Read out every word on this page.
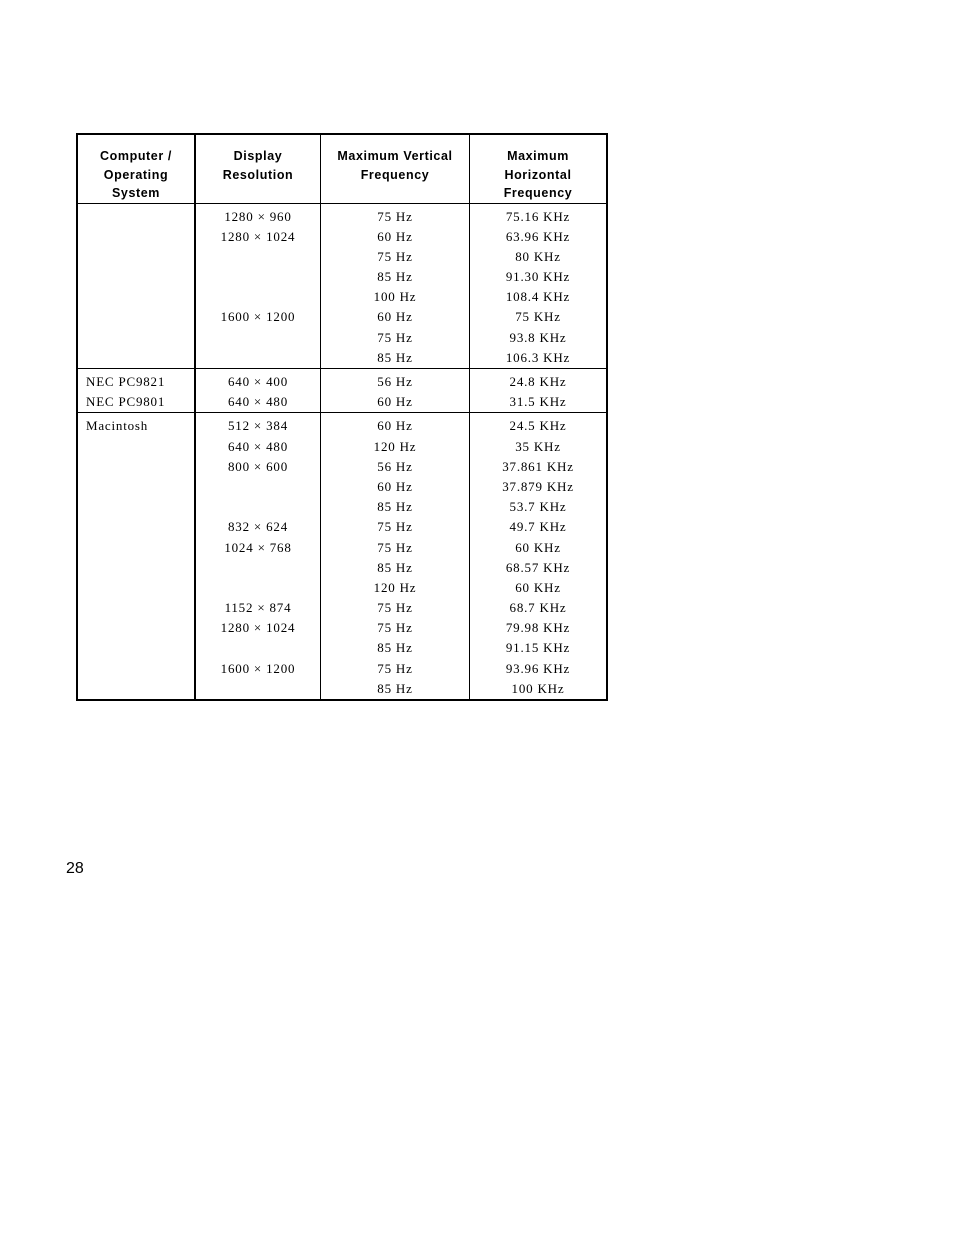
Computer /
Operating
System
Display
Resolution
Maximum Vertical
Frequency
Maximum
Horizontal
Frequency
1280 × 960
1280 × 1024
1600 × 1200
75 Hz
60 Hz
75 Hz
85 Hz
100 Hz
60 Hz
75 Hz
85 Hz
75.16 KHz
63.96 KHz
80 KHz
91.30 KHz
108.4 KHz
75 KHz
93.8 KHz
106.3 KHz
NEC PC9821
NEC PC9801
640 × 400
640 × 480
56 Hz
60 Hz
24.8 KHz
31.5 KHz
Macintosh	512 × 384
640 × 480
800 × 600
832 × 624
1024 × 768
1152 × 874
1280 × 1024
1600 × 1200
60 Hz
120 Hz
56 Hz
60 Hz
85 Hz
75 Hz
75 Hz
85 Hz
120 Hz
75 Hz
75 Hz
85 Hz
75 Hz
85 Hz
24.5 KHz
35 KHz
37.861 KHz
37.879 KHz
53.7 KHz
49.7 KHz
60 KHz
68.57 KHz
60 KHz
68.7 KHz
79.98 KHz
91.15 KHz
93.96 KHz
100 KHz
28
